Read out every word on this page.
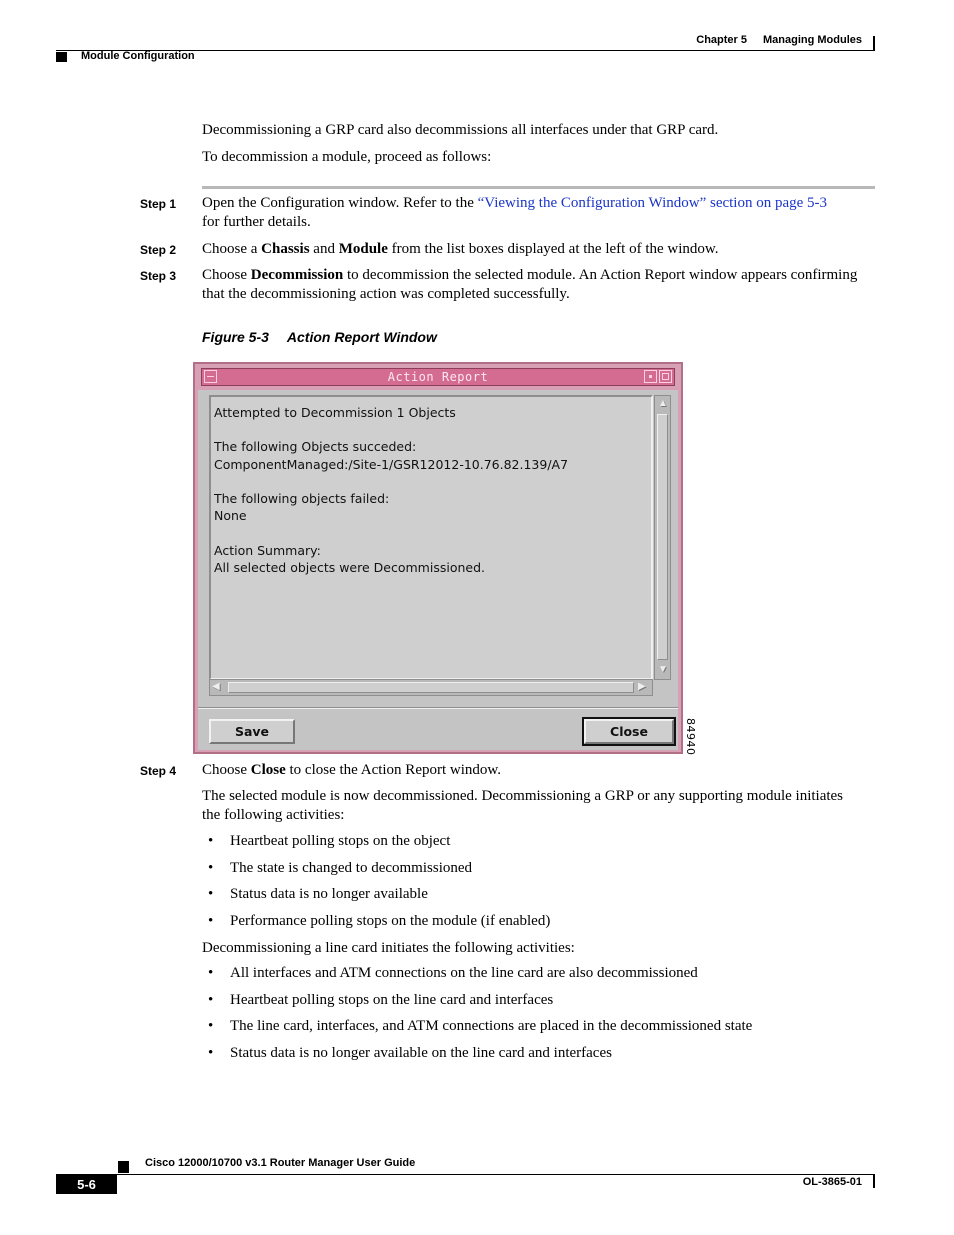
Chapter 5 Managing Modules
Module Configuration
Decommissioning a GRP card also decommissions all interfaces under that GRP card.
To decommission a module, proceed as follows:
Step 1 Open the Configuration window. Refer to the “Viewing the Configuration Window” section on page 5-3
for further details.
Step 2 Choose a Chassis and Module from the list boxes displayed at the left of the window.
Step 3 Choose Decommission to decommission the selected module. An Action Report window appears confirming that the decommissioning action was completed successfully.
Figure 5-3 Action Report Window
Action Report
Attempted to Decommission 1 Objects

The following Objects succeded:
ComponentManaged:/Site-1/GSR12012-10.76.82.139/A7

The following objects failed:
None

Action Summary:
All selected objects were Decommissioned.
▲
▼
◀	▶
Save	Close	84940
Step 4 Choose Close to close the Action Report window.
The selected module is now decommissioned. Decommissioning a GRP or any supporting module initiates the following activities:
• Heartbeat polling stops on the object
• The state is changed to decommissioned
• Status data is no longer available
• Performance polling stops on the module (if enabled)
Decommissioning a line card initiates the following activities:
• All interfaces and ATM connections on the line card are also decommissioned
• Heartbeat polling stops on the line card and interfaces
• The line card, interfaces, and ATM connections are placed in the decommissioned state
• Status data is no longer available on the line card and interfaces
Cisco 12000/10700 v3.1 Router Manager User Guide
5-6	OL-3865-01
